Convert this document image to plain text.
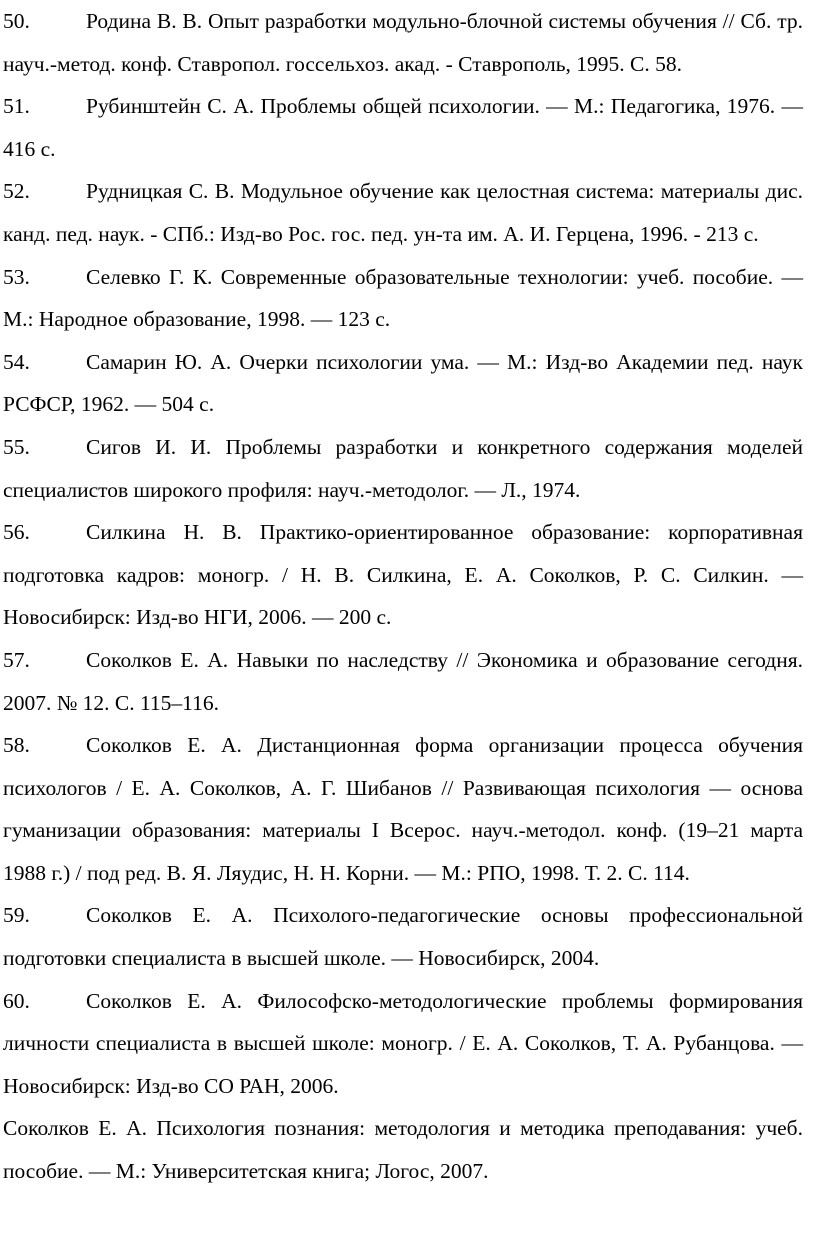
50.	Родина В. В. Опыт разработки модульно-блочной системы обучения // Сб. тр. науч.-метод. конф. Ставропол. госсельхоз. акад. - Ставрополь, 1995. С. 58.

51.	Рубинштейн С. А. Проблемы общей психологии. — М.: Педагогика, 1976. — 416 с.

52.	Рудницкая С. В. Модульное обучение как целостная система: материалы дис. канд. пед. наук. - СПб.: Изд-во Рос. гос. пед. ун-та им. А. И. Герцена, 1996. - 213 с.

53.	Селевко Г. К. Современные образовательные технологии: учеб. пособие. — М.: Народное образование, 1998. — 123 с.

54.	Самарин Ю. А. Очерки психологии ума. — М.: Изд-во Академии пед. наук РСФСР, 1962. — 504 с.

55.	Сигов И. И. Проблемы разработки и конкретного содержания моделей специалистов широкого профиля: науч.-методолог. — Л., 1974.

56.	Силкина Н. В. Практико-ориентированное образование: корпоративная подготовка кадров: моногр. / Н. В. Силкина, Е. А. Соколков, Р. С. Силкин. — Новосибирск: Изд-во НГИ, 2006. — 200 с.

57.	Соколков Е. А. Навыки по наследству // Экономика и образование сегодня. 2007. № 12. С. 115–116.

58.	Соколков Е. А. Дистанционная форма организации процесса обучения психологов / Е. А. Соколков, А. Г. Шибанов // Развивающая психология — основа гуманизации образования: материалы I Всерос. науч.-методол. конф. (19–21 марта 1988 г.) / под ред. В. Я. Ляудис, Н. Н. Корни. — М.: РПО, 1998. Т. 2. С. 114.

59.	Соколков Е. А. Психолого-педагогические основы профессиональной подготовки специалиста в высшей школе. — Новосибирск, 2004.

60.	Соколков Е. А. Философско-методологические проблемы формирования личности специалиста в высшей школе: моногр. / Е. А. Соколков, Т. А. Рубанцова. — Новосибирск: Изд-во СО РАН, 2006.

Соколков Е. А. Психология познания: методология и методика преподавания: учеб. пособие. — М.: Университетская книга; Логос, 2007.
